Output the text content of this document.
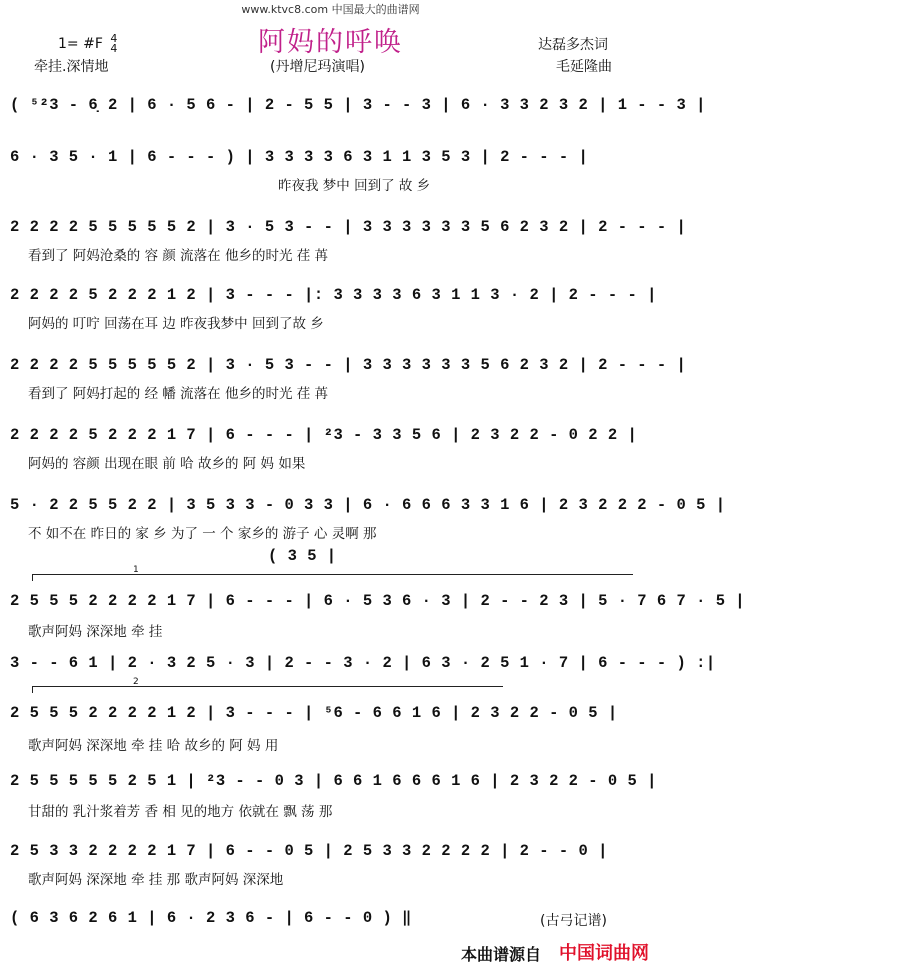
www.ktvc8.com 中国最大的曲谱网
阿妈的呼唤
1= #F 4
4
牵挂.深情地	(丹增尼玛演唱)
达磊多杰词
毛延隆曲
( ⁵²3 - 6̣ 2 | 6 · 5 6 - | 2 - 5 5 | 3 - - 3 | 6 · 3 3 2 3 2 | 1 - - 3 |
6 · 3 5 · 1 | 6 - - - ) | 3 3 3 3 6 3 1 1 3 5 3 | 2 - - - |
昨夜我 梦中 回到了 故 乡
2 2 2 2 5 5 5 5 5 2 | 3 · 5 3 - - | 3 3 3 3 3 3 5 6 2 3 2 | 2 - - - |
看到了 阿妈沧桑的 容 颜 流落在 他乡的时光 荏 苒
2 2 2 2 5 2 2 2 1 2 | 3 - - - |: 3 3 3 3 6 3 1 1 3 · 2 | 2 - - - |
阿妈的 叮咛 回荡在耳 边 昨夜我梦中 回到了故 乡
2 2 2 2 5 5 5 5 5 2 | 3 · 5 3 - - | 3 3 3 3 3 3 5 6 2 3 2 | 2 - - - |
看到了 阿妈打起的 经 幡 流落在 他乡的时光 荏 苒
2 2 2 2 5 2 2 2 1 7 | 6 - - - | ²3 - 3 3 5 6 | 2 3 2 2 - 0 2 2 |
阿妈的 容颜 出现在眼 前 哈 故乡的 阿 妈 如果
5 · 2 2 5 5 2 2 | 3 5 3 3 - 0 3 3 | 6 · 6 6 6 3 3 1 6 | 2 3 2 2 2 - 0 5 |
不 如不在 昨日的 家 乡 为了 一 个 家乡的 游子 心 灵啊 那
( 3 5 |
1
2 5 5 5 2 2 2 2 1 7 | 6 - - - | 6 · 5 3 6 · 3 | 2 - - 2 3 | 5 · 7 6 7 · 5 |
歌声阿妈 深深地 牵 挂
3 - - 6 1 | 2 · 3 2 5 · 3 | 2 - - 3 · 2 | 6 3 · 2 5 1 · 7 | 6 - - - ) :|
2
2 5 5 5 2 2 2 2 1 2 | 3 - - - | ⁵6 - 6 6 1 6 | 2 3 2 2 - 0 5 |
歌声阿妈 深深地 牵 挂 哈 故乡的 阿 妈 用
2 5 5 5 5 5 2 5 1 | ²3 - - 0 3 | 6 6 1 6 6 6 1 6 | 2 3 2 2 - 0 5 |
甘甜的 乳汁浆着芳 香 相 见的地方 依就在 飘 荡 那
2 5 3 3 2 2 2 2 1 7 | 6 - - 0 5 | 2 5 3 3 2 2 2 2 | 2 - - 0 |
歌声阿妈 深深地 牵 挂 那 歌声阿妈 深深地
( 6 3 6 2 6 1 | 6 · 2 3 6 - | 6 - - 0 ) ‖	(古弓记谱)
本曲谱源自 中国词曲网
